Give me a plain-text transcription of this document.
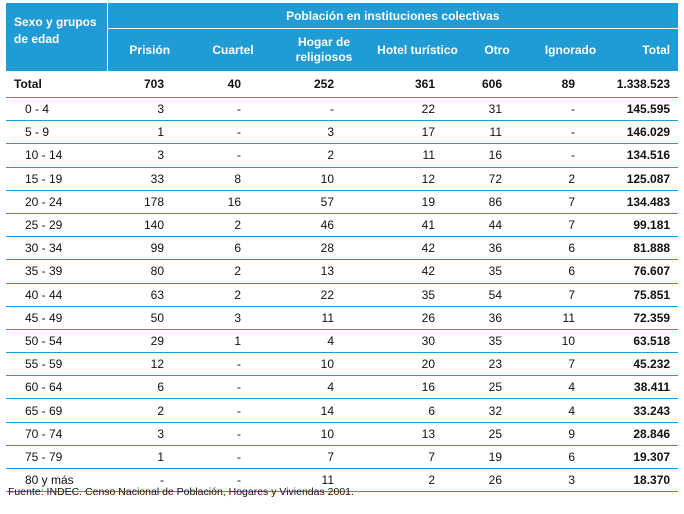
Sexo y grupos de edad	Población en instituciones colectivas						
	Prisión	Cuartel	Hogar de religiosos	Hotel turístico	Otro	Ignorado	Total
Total	703	40	252	361	606	89	1.338.523
0 - 4	3	-	-	22	31	-	145.595
5 - 9	1	-	3	17	11	-	146.029
10 - 14	3	-	2	11	16	-	134.516
15 - 19	33	8	10	12	72	2	125.087
20 - 24	178	16	57	19	86	7	134.483
25 - 29	140	2	46	41	44	7	99.181
30 - 34	99	6	28	42	36	6	81.888
35 - 39	80	2	13	42	35	6	76.607
40 - 44	63	2	22	35	54	7	75.851
45 - 49	50	3	11	26	36	11	72.359
50 - 54	29	1	4	30	35	10	63.518
55 - 59	12	-	10	20	23	7	45.232
60 - 64	6	-	4	16	25	4	38.411
65 - 69	2	-	14	6	32	4	33.243
70 - 74	3	-	10	13	25	9	28.846
75 - 79	1	-	7	7	19	6	19.307
80 y más	-	-	11	2	26	3	18.370
Fuente: INDEC. Censo Nacional de Población, Hogares y Viviendas 2001.
